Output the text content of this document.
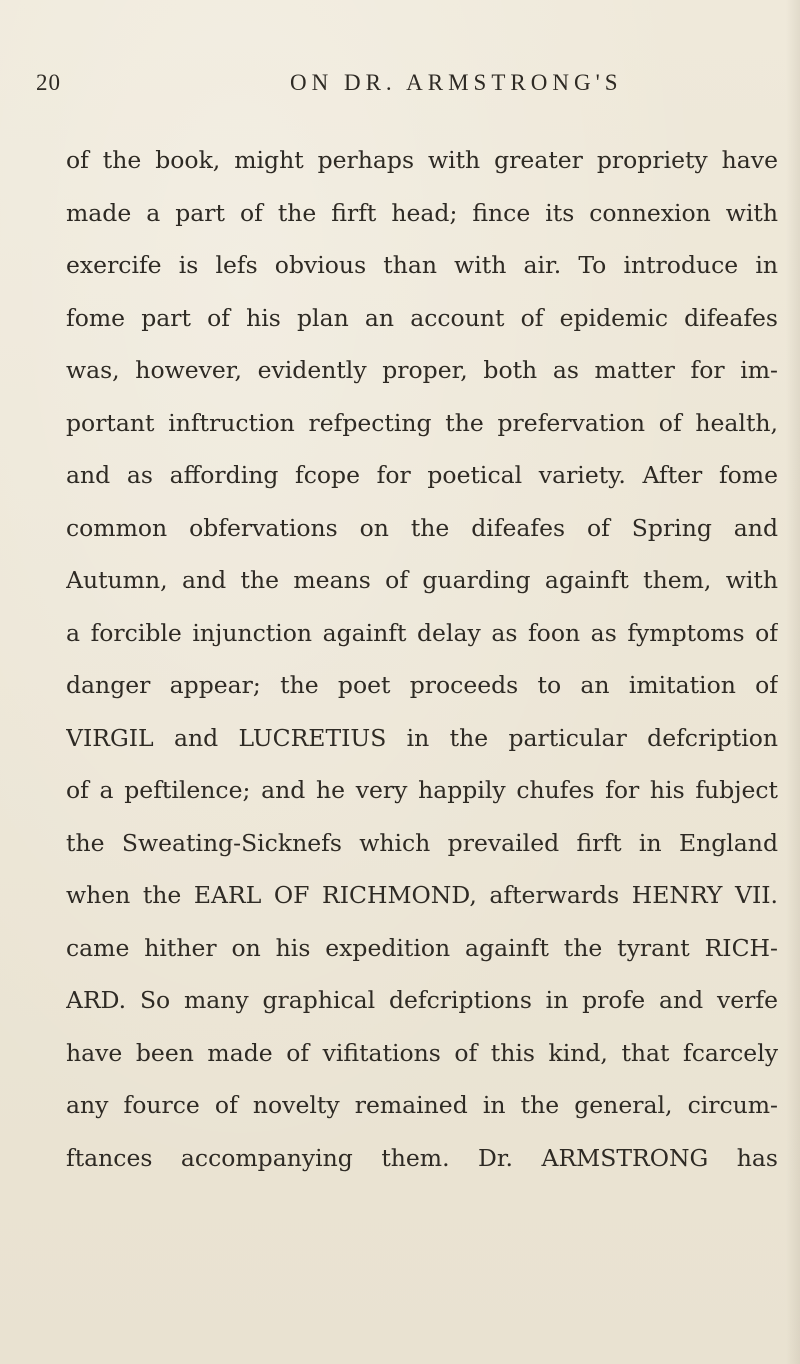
20	ON DR. ARMSTRONG'S
of the book, might perhaps with greater propriety have
made a part of the firft head; fince its connexion with
exercife is lefs obvious than with air. To introduce in
fome part of his plan an account of epidemic difeafes
was, however, evidently proper, both as matter for im-
portant inftruction refpecting the prefervation of health,
and as affording fcope for poetical variety. After fome
common obfervations on the difeafes of Spring and
Autumn, and the means of guarding againft them, with
a forcible injunction againft delay as foon as fymptoms of
danger appear; the poet proceeds to an imitation of
VIRGIL and LUCRETIUS in the particular defcription
of a peftilence; and he very happily chufes for his fubject
the Sweating-Sicknefs which prevailed firft in England
when the EARL OF RICHMOND, afterwards HENRY VII.
came hither on his expedition againft the tyrant RICH-
ARD. So many graphical defcriptions in profe and verfe
have been made of vifitations of this kind, that fcarcely
any fource of novelty remained in the general, circum-
ftances accompanying them. Dr. ARMSTRONG has
